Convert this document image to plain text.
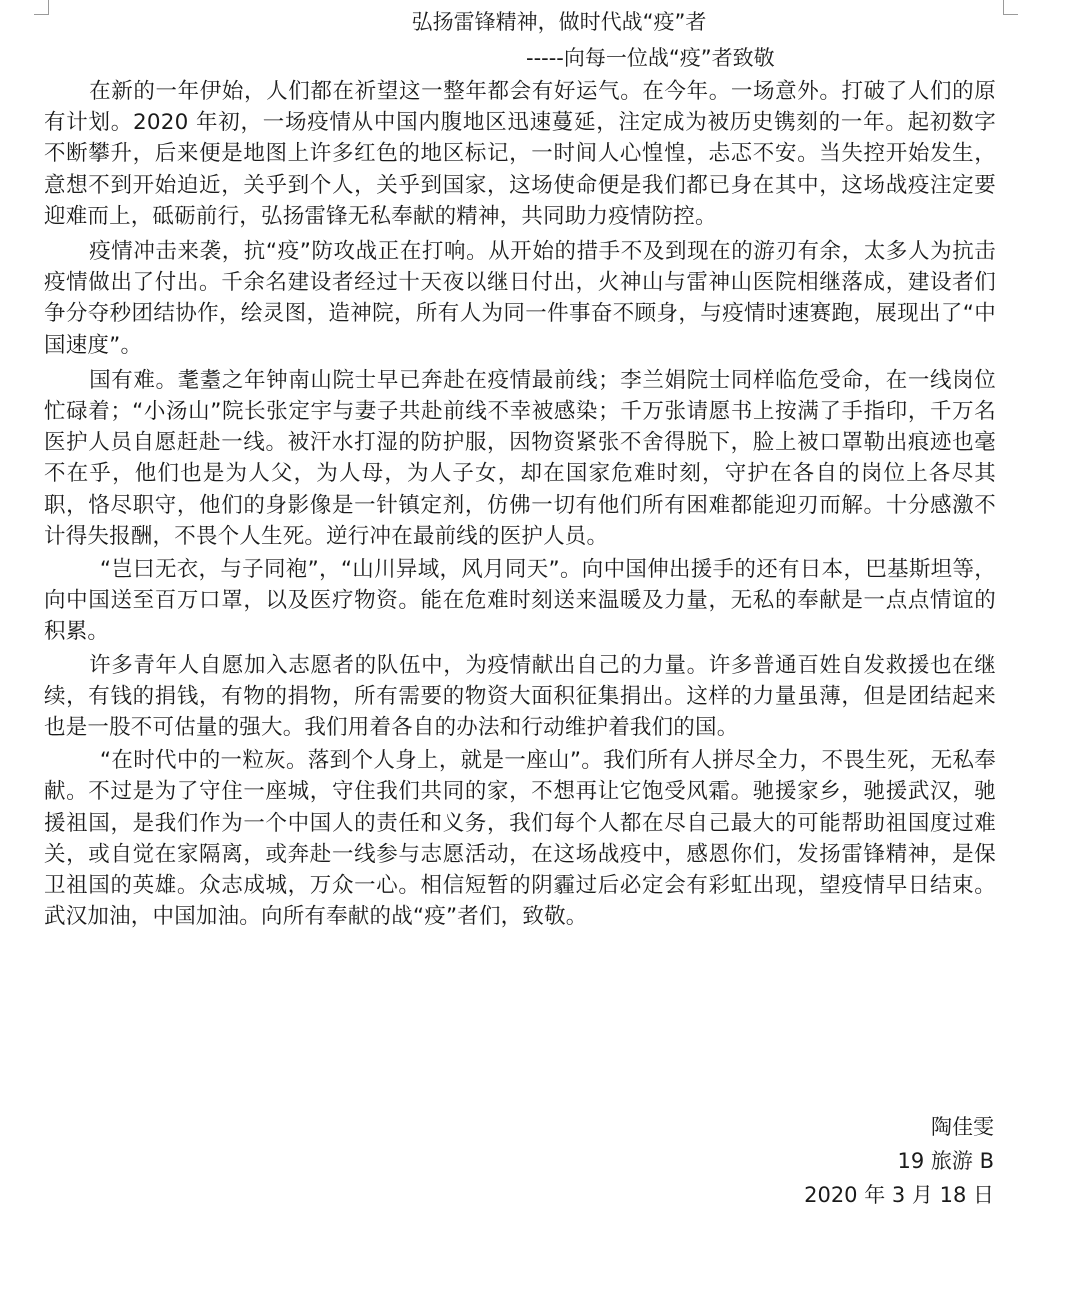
弘扬雷锋精神，做时代战“疫”者
-----向每一位战“疫”者致敬

在新的一年伊始，人们都在祈望这一整年都会有好运气。在今年。一场意外。打破了人们的原有计划。2020 年初，一场疫情从中国内腹地区迅速蔓延，注定成为被历史镌刻的一年。起初数字不断攀升，后来便是地图上许多红色的地区标记，一时间人心惶惶，忐忑不安。当失控开始发生，意想不到开始迫近，关乎到个人，关乎到国家，这场使命便是我们都已身在其中，这场战疫注定要迎难而上，砥砺前行，弘扬雷锋无私奉献的精神，共同助力疫情防控。

疫情冲击来袭，抗“疫”防攻战正在打响。从开始的措手不及到现在的游刃有余，太多人为抗击疫情做出了付出。千余名建设者经过十天夜以继日付出，火神山与雷神山医院相继落成，建设者们争分夺秒团结协作，绘灵图，造神院，所有人为同一件事奋不顾身，与疫情时速赛跑，展现出了“中国速度”。

国有难。耄耋之年钟南山院士早已奔赴在疫情最前线；李兰娟院士同样临危受命，在一线岗位忙碌着；“小汤山”院长张定宇与妻子共赴前线不幸被感染；千万张请愿书上按满了手指印，千万名医护人员自愿赶赴一线。被汗水打湿的防护服，因物资紧张不舍得脱下，脸上被口罩勒出痕迹也毫不在乎，他们也是为人父，为人母，为人子女，却在国家危难时刻，守护在各自的岗位上各尽其职，恪尽职守，他们的身影像是一针镇定剂，仿佛一切有他们所有困难都能迎刃而解。十分感激不计得失报酬，不畏个人生死。逆行冲在最前线的医护人员。

“岂曰无衣，与子同袍”，“山川异域，风月同天”。向中国伸出援手的还有日本，巴基斯坦等，向中国送至百万口罩，以及医疗物资。能在危难时刻送来温暖及力量，无私的奉献是一点点情谊的积累。

许多青年人自愿加入志愿者的队伍中，为疫情献出自己的力量。许多普通百姓自发救援也在继续，有钱的捐钱，有物的捐物，所有需要的物资大面积征集捐出。这样的力量虽薄，但是团结起来也是一股不可估量的强大。我们用着各自的办法和行动维护着我们的国。

“在时代中的一粒灰。落到个人身上，就是一座山”。我们所有人拼尽全力，不畏生死，无私奉献。不过是为了守住一座城，守住我们共同的家，不想再让它饱受风霜。驰援家乡，驰援武汉，驰援祖国，是我们作为一个中国人的责任和义务，我们每个人都在尽自己最大的可能帮助祖国度过难关，或自觉在家隔离，或奔赴一线参与志愿活动，在这场战疫中，感恩你们，发扬雷锋精神，是保卫祖国的英雄。众志成城，万众一心。相信短暂的阴霾过后必定会有彩虹出现，望疫情早日结束。武汉加油，中国加油。向所有奉献的战“疫”者们，致敬。

陶佳雯
19 旅游 B
2020 年 3 月 18 日
